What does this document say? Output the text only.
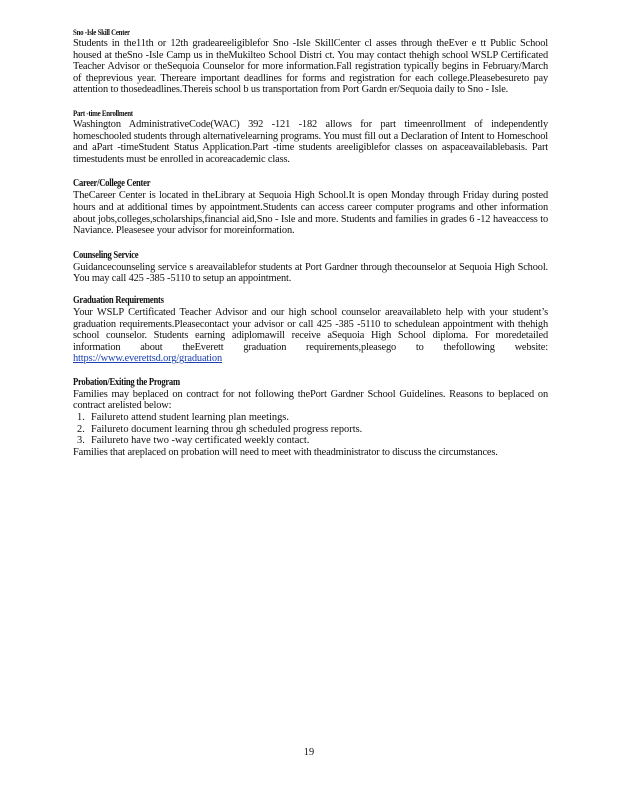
Sno -Isle Skill Center

Students in the11th or 12th gradeareeligiblefor Sno -Isle SkillCenter cl asses through theEver e tt Public School housed at theSno -Isle Camp us in theMukilteo School Distri ct. You may contact thehigh school WSLP Certificated Teacher Advisor or theSequoia Counselor for more information.Fall registration typically begins in February/March of theprevious year. Thereare important deadlines for forms and registration for each college.Pleasebesureto pay attention to thosedeadlines.Thereis school b us transportation from Port Gardn er/Sequoia daily to Sno - Isle.

Part -time Enrollment

Washington AdministrativeCode(WAC) 392 -121 -182 allows for part timeenrollment of independently homeschooled students through alternativelearning programs. You must fill out a Declaration of Intent to Homeschool and aPart -timeStudent Status Application.Part -time students areeligiblefor classes on aspaceavailablebasis. Part timestudents must be enrolled in acoreacademic class.

Career/College Center

TheCareer Center is located in theLibrary at Sequoia High School.It is open Monday through Friday during posted hours and at additional times by appointment.Students can access career computer programs and other information about jobs,colleges,scholarships,financial aid,Sno - Isle and more. Students and families in grades 6 -12 haveaccess to Naviance. Pleasesee your advisor for moreinformation.

Counseling Service

Guidancecounseling service s areavailablefor students at Port Gardner through thecounselor at Sequoia High School. You may call 425 -385 -5110 to setup an appointment.

Graduation Requirements

Your WSLP Certificated Teacher Advisor and our high school counselor areavailableto help with your student’s graduation requirements.Pleasecontact your advisor or call 425 -385 -5110 to schedulean appointment with thehigh school counselor. Students earning adiplomawill receive aSequoia High School diploma. For moredetailed information about theEverett graduation requirements,pleasego to thefollowing website: https://www.everettsd.org/graduation

Probation/Exiting the Program

Families may beplaced on contract for not following thePort Gardner School Guidelines. Reasons to beplaced on contract arelisted below:

1. Failureto attend student learning plan meetings.
2. Failureto document learning throu gh scheduled progress reports.
3. Failureto have two -way certificated weekly contact.

Families that areplaced on probation will need to meet with theadministrator to discuss the circumstances.

19
